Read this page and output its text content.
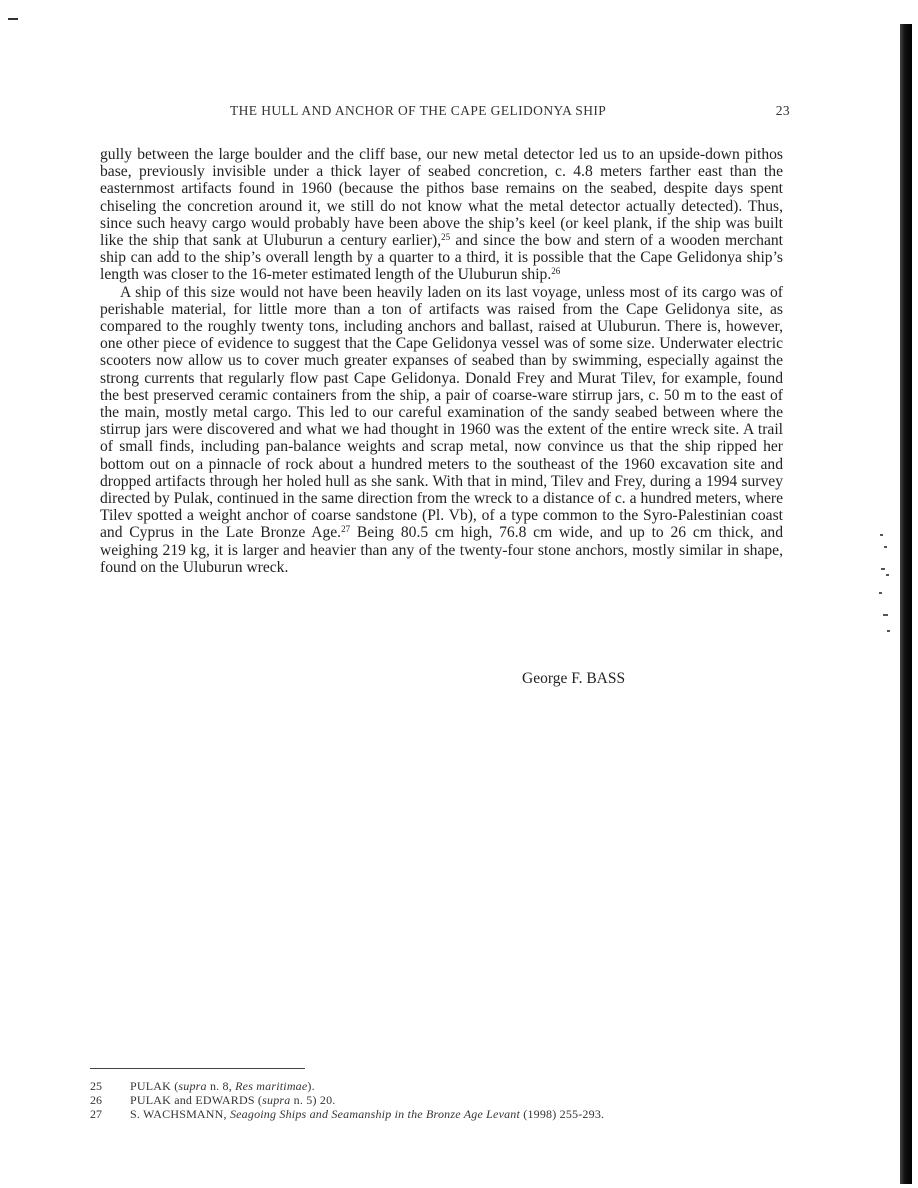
THE HULL AND ANCHOR OF THE CAPE GELIDONYA SHIP	23

gully between the large boulder and the cliff base, our new metal detector led us to an upside-down pithos base, previously invisible under a thick layer of seabed concretion, c. 4.8 meters farther east than the easternmost artifacts found in 1960 (because the pithos base remains on the seabed, despite days spent chiseling the concretion around it, we still do not know what the metal detector actually detected). Thus, since such heavy cargo would probably have been above the ship’s keel (or keel plank, if the ship was built like the ship that sank at Uluburun a century earlier),$^{25}$ and since the bow and stern of a wooden merchant ship can add to the ship’s overall length by a quarter to a third, it is possible that the Cape Gelidonya ship’s length was closer to the 16-meter estimated length of the Uluburun ship.$^{26}$

A ship of this size would not have been heavily laden on its last voyage, unless most of its cargo was of perishable material, for little more than a ton of artifacts was raised from the Cape Gelidonya site, as compared to the roughly twenty tons, including anchors and ballast, raised at Uluburun. There is, however, one other piece of evidence to suggest that the Cape Gelidonya vessel was of some size. Underwater electric scooters now allow us to cover much greater expanses of seabed than by swimming, especially against the strong currents that regularly flow past Cape Gelidonya. Donald Frey and Murat Tilev, for example, found the best preserved ceramic containers from the ship, a pair of coarse-ware stirrup jars, c. 50 m to the east of the main, mostly metal cargo. This led to our careful examination of the sandy seabed between where the stirrup jars were discovered and what we had thought in 1960 was the extent of the entire wreck site. A trail of small finds, including pan-balance weights and scrap metal, now convince us that the ship ripped her bottom out on a pinnacle of rock about a hundred meters to the southeast of the 1960 excavation site and dropped artifacts through her holed hull as she sank. With that in mind, Tilev and Frey, during a 1994 survey directed by Pulak, continued in the same direction from the wreck to a distance of c. a hundred meters, where Tilev spotted a weight anchor of coarse sandstone (Pl. Vb), of a type common to the Syro-Palestinian coast and Cyprus in the Late Bronze Age.$^{27}$ Being 80.5 cm high, 76.8 cm wide, and up to 26 cm thick, and weighing 219 kg, it is larger and heavier than any of the twenty-four stone anchors, mostly similar in shape, found on the Uluburun wreck.

George F. BASS
25 PULAK (supra n. 8, Res maritimae).
26 PULAK and EDWARDS (supra n. 5) 20.
27 S. WACHSMANN, Seagoing Ships and Seamanship in the Bronze Age Levant (1998) 255-293.
